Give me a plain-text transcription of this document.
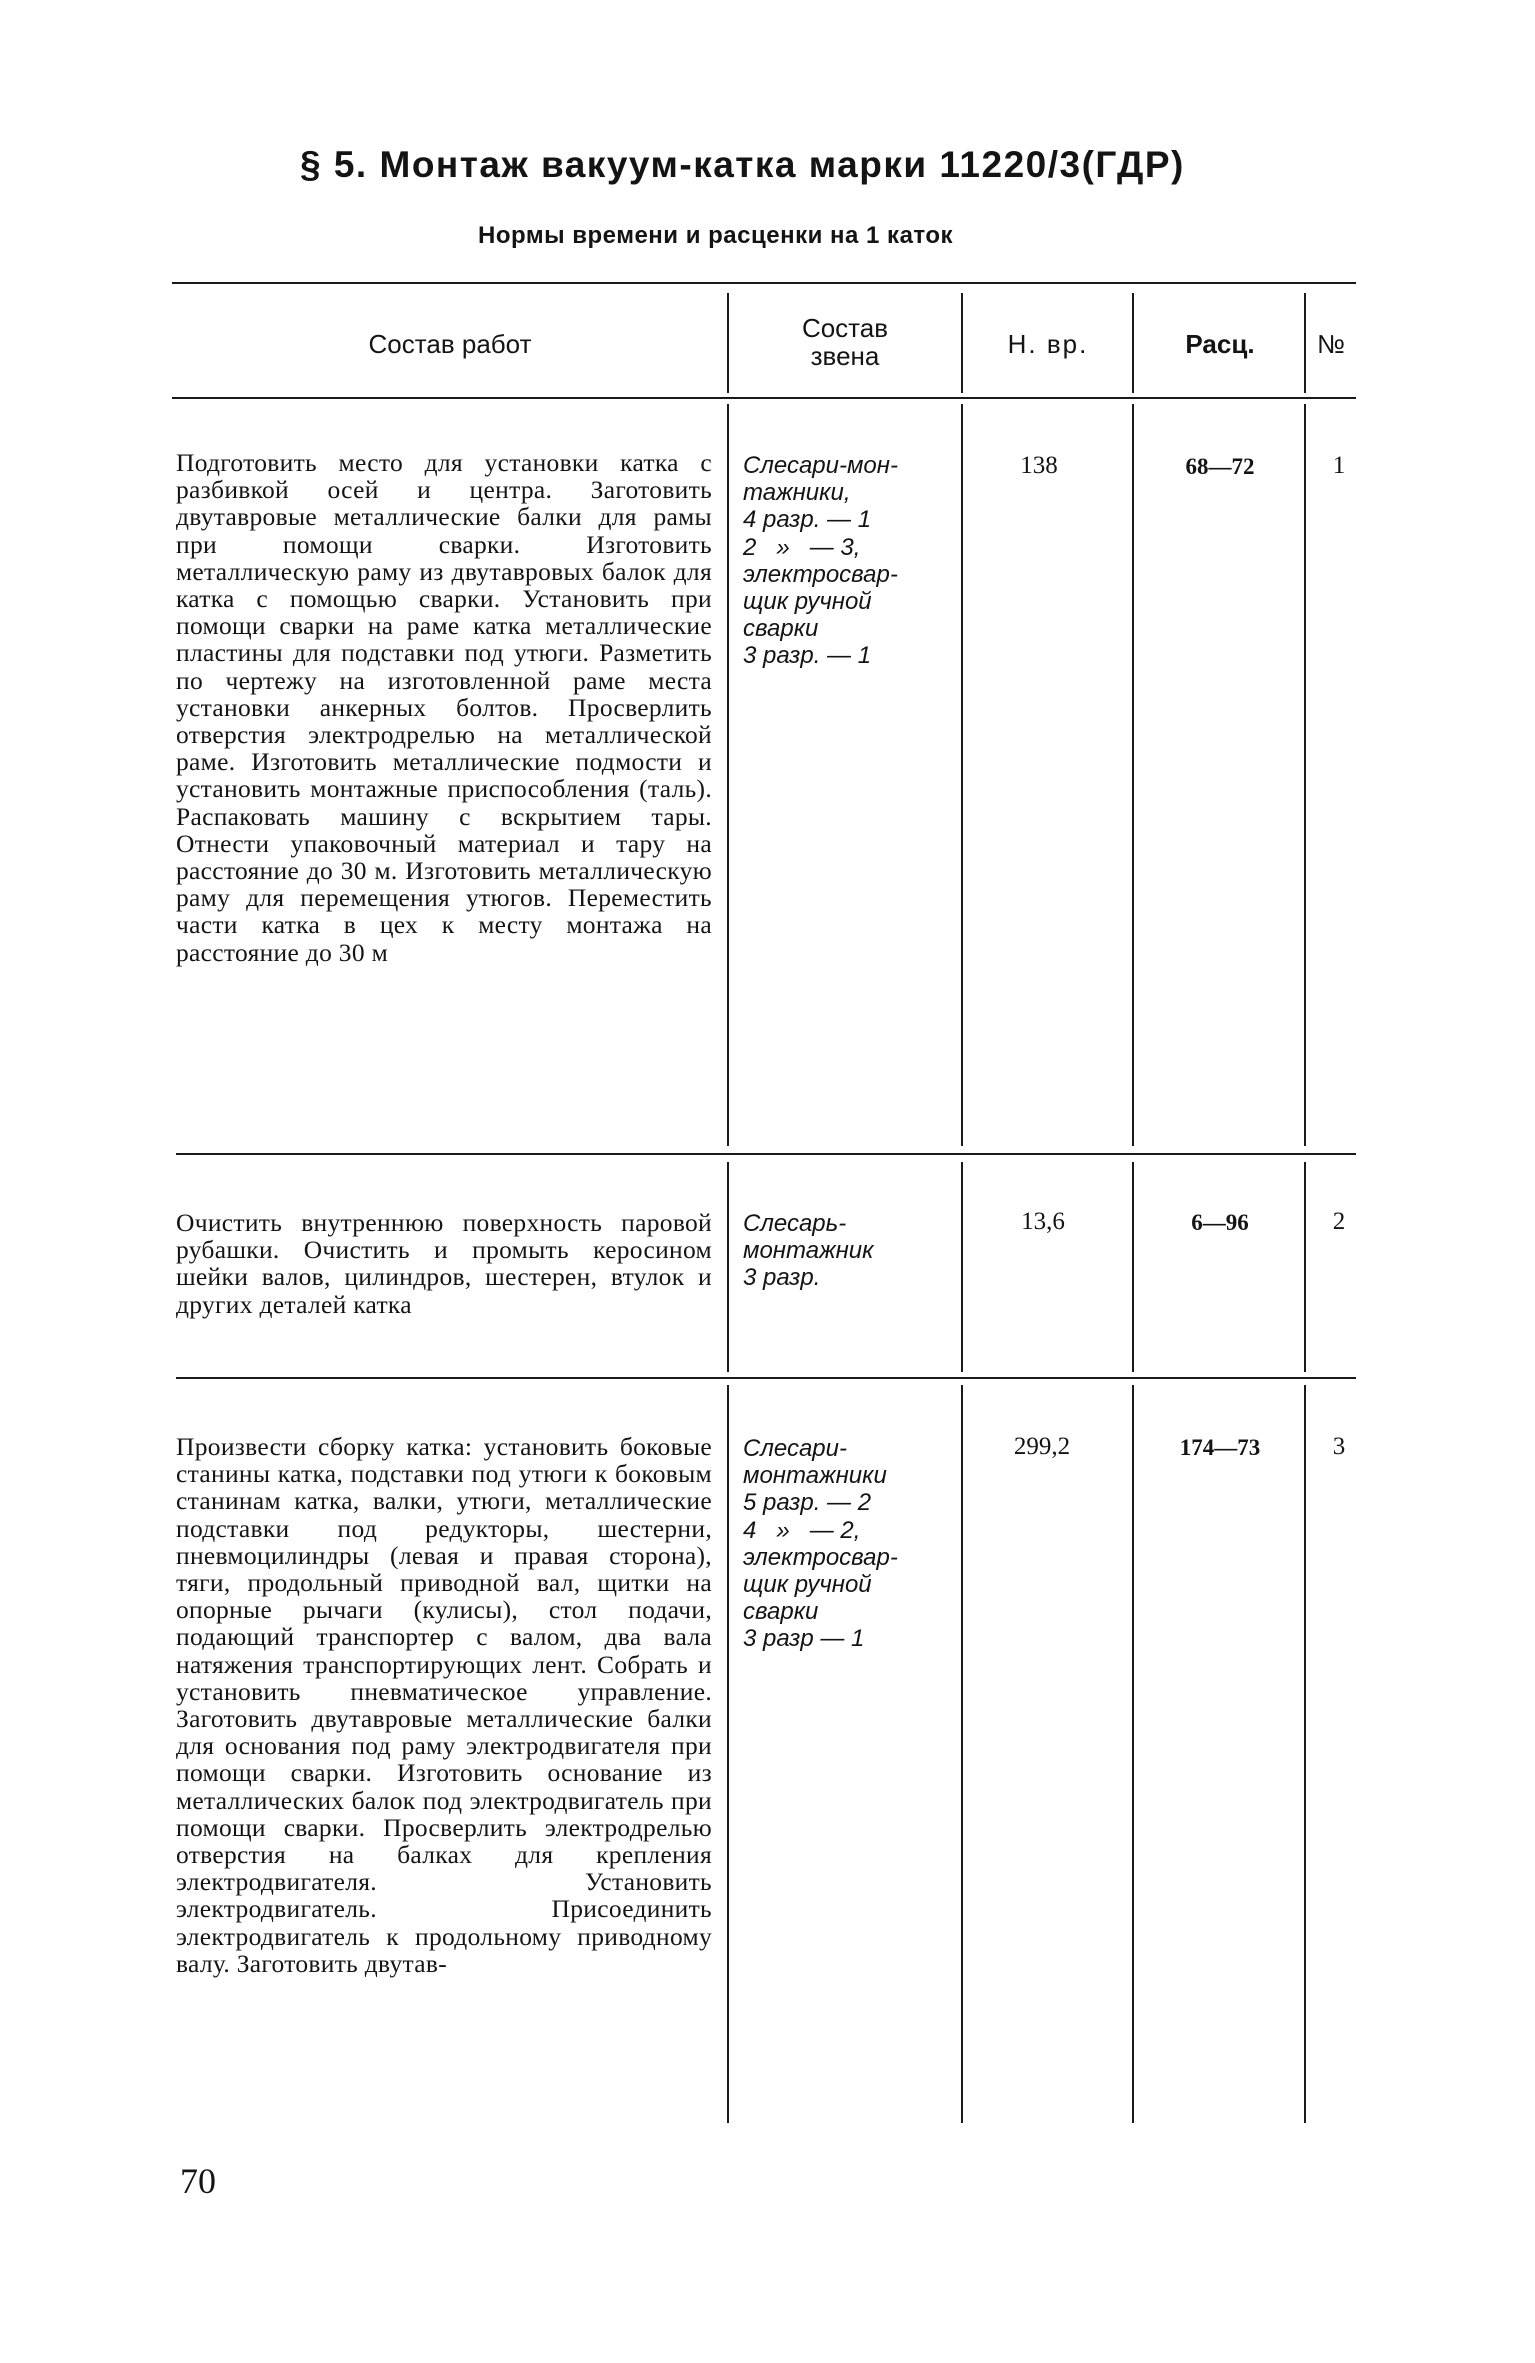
§ 5. Монтаж вакуум-катка марки 11220/3(ГДР)
Нормы времени и расценки на 1 каток
Состав работ
Состав
звена	Н. вр.	Расц.	№
Подготовить место для установки катка с разбивкой осей и центра. Заготовить двутавровые металлические балки для рамы при помощи сварки. Изготовить металлическую раму из двутавровых балок для катка с помощью сварки. Установить при помощи сварки на раме катка металлические пластины для подставки под утюги. Разметить по чертежу на изготовленной раме места установки анкерных болтов. Просверлить отверстия электродрелью на металлической раме. Изготовить металлические подмости и установить монтажные приспособления (таль). Распаковать машину с вскрытием тары. Отнести упаковочный материал и тару на расстояние до 30 м. Изготовить металлическую раму для перемещения утюгов. Переместить части катка в цех к месту монтажа на расстояние до 30 м
Слесари-мон-
тажники,
4 разр. — 1
2   »   — 3,
электросвар-
щик ручной
сварки
3 разр. — 1
138	68—72	1
Очистить внутреннюю поверхность паровой рубашки. Очистить и промыть керосином шейки валов, цилиндров, шестерен, втулок и других деталей катка
Слесарь-
монтажник
3 разр.
13,6	6—96	2
Произвести сборку катка: установить боковые станины катка, подставки под утюги к боковым станинам катка, валки, утюги, металлические подставки под редукторы, шестерни, пневмоцилиндры (левая и правая сторона), тяги, продольный приводной вал, щитки на опорные рычаги (кулисы), стол подачи, подающий транспортер с валом, два вала натяжения транспортирующих лент. Собрать и установить пневматическое управление. Заготовить двутавровые металлические балки для основания под раму электродвигателя при помощи сварки. Изготовить основание из металлических балок под электродвигатель при помощи сварки. Просверлить электродрелью отверстия на балках для крепления электродвигателя. Установить электродвигатель. Присоединить электродвигатель к продольному приводному валу. Заготовить двутав-
Слесари-
монтажники
5 разр. — 2
4   »   — 2,
электросвар-
щик ручной
сварки
3 разр — 1
299,2	174—73	3
70
